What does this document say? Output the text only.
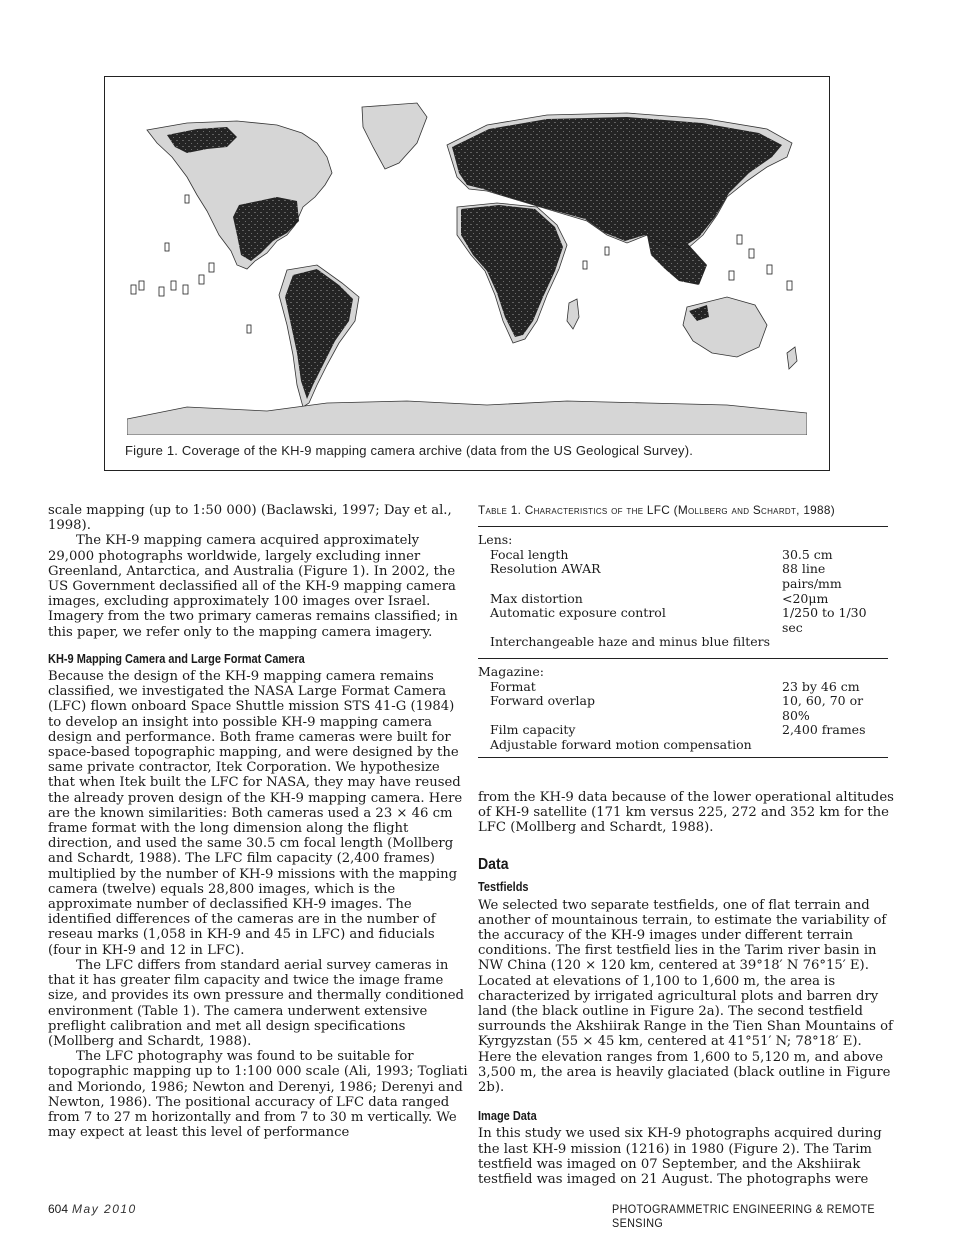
Figure 1. Coverage of the KH-9 mapping camera archive (data from the US Geological Survey).

scale mapping (up to 1:50 000) (Baclawski, 1997; Day et al., 1998).

The KH-9 mapping camera acquired approximately 29,000 photographs worldwide, largely excluding inner Greenland, Antarctica, and Australia (Figure 1). In 2002, the US Government declassified all of the KH-9 mapping camera images, excluding approximately 100 images over Israel. Imagery from the two primary cameras remains classified; in this paper, we refer only to the mapping camera imagery.

KH-9 Mapping Camera and Large Format Camera

Because the design of the KH-9 mapping camera remains classified, we investigated the NASA Large Format Camera (LFC) flown onboard Space Shuttle mission STS 41-G (1984) to develop an insight into possible KH-9 mapping camera design and performance. Both frame cameras were built for space-based topographic mapping, and were designed by the same private contractor, Itek Corporation. We hypothesize that when Itek built the LFC for NASA, they may have reused the already proven design of the KH-9 mapping camera. Here are the known similarities: Both cameras used a 23 × 46 cm frame format with the long dimension along the flight direction, and used the same 30.5 cm focal length (Mollberg and Schardt, 1988). The LFC film capacity (2,400 frames) multiplied by the number of KH-9 missions with the mapping camera (twelve) equals 28,800 images, which is the approximate number of declassified KH-9 images. The identified differences of the cameras are in the number of reseau marks (1,058 in KH-9 and 45 in LFC) and fiducials (four in KH-9 and 12 in LFC).

The LFC differs from standard aerial survey cameras in that it has greater film capacity and twice the image frame size, and provides its own pressure and thermally conditioned environment (Table 1). The camera underwent extensive preflight calibration and met all design specifications (Mollberg and Schardt, 1988).

The LFC photography was found to be suitable for topographic mapping up to 1:100 000 scale (Ali, 1993; Togliati and Moriondo, 1986; Newton and Derenyi, 1986; Derenyi and Newton, 1986). The positional accuracy of LFC data ranged from 7 to 27 m horizontally and from 7 to 30 m vertically. We may expect at least this level of performance

Table 1. Characteristics of the LFC (Mollberg and Schardt, 1988)
Lens:
Focal length	30.5 cm
Resolution AWAR	88 line pairs/mm
Max distortion	<20μm
Automatic exposure control	1/250 to 1/30 sec
Interchangeable haze and minus blue filters
Magazine:
Format	23 by 46 cm
Forward overlap	10, 60, 70 or 80%
Film capacity	2,400 frames
Adjustable forward motion compensation

from the KH-9 data because of the lower operational altitudes of KH-9 satellite (171 km versus 225, 272 and 352 km for the LFC (Mollberg and Schardt, 1988).

Data
Testfields

We selected two separate testfields, one of flat terrain and another of mountainous terrain, to estimate the variability of the accuracy of the KH-9 images under different terrain conditions. The first testfield lies in the Tarim river basin in NW China (120 × 120 km, centered at 39°18′ N 76°15′ E). Located at elevations of 1,100 to 1,600 m, the area is characterized by irrigated agricultural plots and barren dry land (the black outline in Figure 2a). The second testfield surrounds the Akshiirak Range in the Tien Shan Mountains of Kyrgyzstan (55 × 45 km, centered at 41°51′ N; 78°18′ E). Here the elevation ranges from 1,600 to 5,120 m, and above 3,500 m, the area is heavily glaciated (black outline in Figure 2b).

Image Data

In this study we used six KH-9 photographs acquired during the last KH-9 mission (1216) in 1980 (Figure 2). The Tarim testfield was imaged on 07 September, and the Akshiirak testfield was imaged on 21 August. The photographs were

604 May 2010	PHOTOGRAMMETRIC ENGINEERING & REMOTE SENSING
